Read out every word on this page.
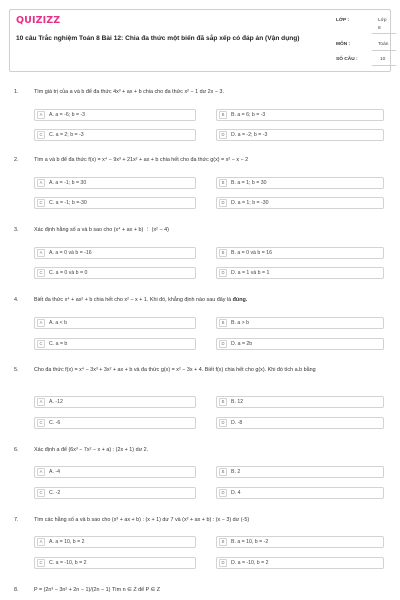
QUIZIZZ
10 câu Trắc nghiệm Toán 8 Bài 12: Chia đa thức một biến đã sắp xếp có đáp án (Vận dụng)
LỚP :	Lớp
8
MÔN :	Toán
SỐ CÂU :	10
1.	Tìm giá trị của a và b để đa thức 4x³ + ax + b chia cho đa thức x² − 1 dư 2x − 3.
A	A. a = -6; b = -3	B	B. a = 6; b = -3
C	C. a = 2; b = -3	D	D. a = -2; b = -3
2.	Tìm a và b để đa thức f(x) = x⁴ − 9x³ + 21x² + ax + b chia hết cho đa thức g(x) = x² − x − 2
A	A. a = -1; b = 30	B	B. a = 1; b = 30
C	C. a = -1; b =-30	D	D. a = 1; b = -30
3.	Xác định hằng số a và b sao cho (x⁴ + ax + b) ⋮ (x² − 4)
A	A. a = 0 và b = -16	B	B. a = 0 và b = 16
C	C. a = 0 và b = 0	D	D. a = 1 và b = 1
4.	Biết đa thức x⁴ + ax² + b chia hết cho x² − x + 1. Khi đó, khẳng định nào sau đây là đúng.
A	A. a < b	B	B. a > b
C	C. a = b	D	D. a = 2b
5.	Cho đa thức f(x) = x⁴ − 3x³ + 3x² + ax + b và đa thức g(x) = x² − 3x + 4. Biết f(x) chia hết cho g(x). Khi đó tích a.b bằng
A	A. -12	B	B. 12
C	C. -6	D	D. -8
6.	Xác định a để (6x³ − 7x² − x + a) : (2x + 1) dư 2.
A	A. -4	B	B. 2
C	C. -2	D	D. 4
7.	Tìm các hằng số a và b sao cho (x³ + ax + b) : (x + 1) dư 7 và (x³ + ax + b) : (x − 3) dư (-5)
A	A. a = 10, b = 2	B	B. a = 10, b = -2
C	C. a = -10, b = 2	D	D. a = -10, b = 2
8.	P = (2n³ − 3n² + 2n − 1)/(2n − 1) Tìm n ∈ Z để P ∈ Z
